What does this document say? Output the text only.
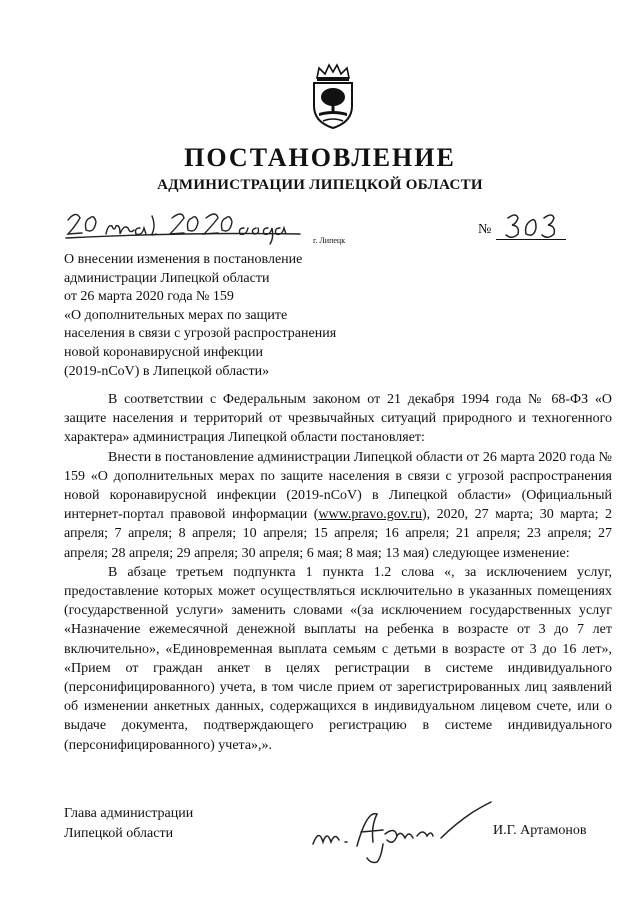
ПОСТАНОВЛЕНИЕ
АДМИНИСТРАЦИИ ЛИПЕЦКОЙ ОБЛАСТИ
г. Липецк
№
О внесении изменения в постановление
администрации Липецкой области
от 26 марта 2020 года № 159
«О дополнительных мерах по защите
населения в связи с угрозой распространения
новой коронавирусной инфекции
(2019-nCoV) в Липецкой области»

В соответствии с Федеральным законом от 21 декабря 1994 года № 68-ФЗ «О защите населения и территорий от чрезвычайных ситуаций природного и техногенного характера» администрация Липецкой области постановляет:

Внести в постановление администрации Липецкой области от 26 марта 2020 года № 159 «О дополнительных мерах по защите населения в связи с угрозой распространения новой коронавирусной инфекции (2019-nCoV) в Липецкой области» (Официальный интернет-портал правовой информации (www.pravo.gov.ru), 2020, 27 марта; 30 марта; 2 апреля; 7 апреля; 8 апреля; 10 апреля; 15 апреля; 16 апреля; 21 апреля; 23 апреля; 27 апреля; 28 апреля; 29 апреля; 30 апреля; 6 мая; 8 мая; 13 мая) следующее изменение:

В абзаце третьем подпункта 1 пункта 1.2 слова «, за исключением услуг, предоставление которых может осуществляться исключительно в указанных помещениях (государственной услуги» заменить словами «(за исключением государственных услуг «Назначение ежемесячной денежной выплаты на ребенка в возрасте от 3 до 7 лет включительно», «Единовременная выплата семьям с детьми в возрасте от 3 до 16 лет», «Прием от граждан анкет в целях регистрации в системе индивидуального (персонифицированного) учета, в том числе прием от зарегистрированных лиц заявлений об изменении анкетных данных, содержащихся в индивидуальном лицевом счете, или о выдаче документа, подтверждающего регистрацию в системе индивидуального (персонифицированного) учета»,».

Глава администрации
Липецкой области	И.Г. Артамонов
